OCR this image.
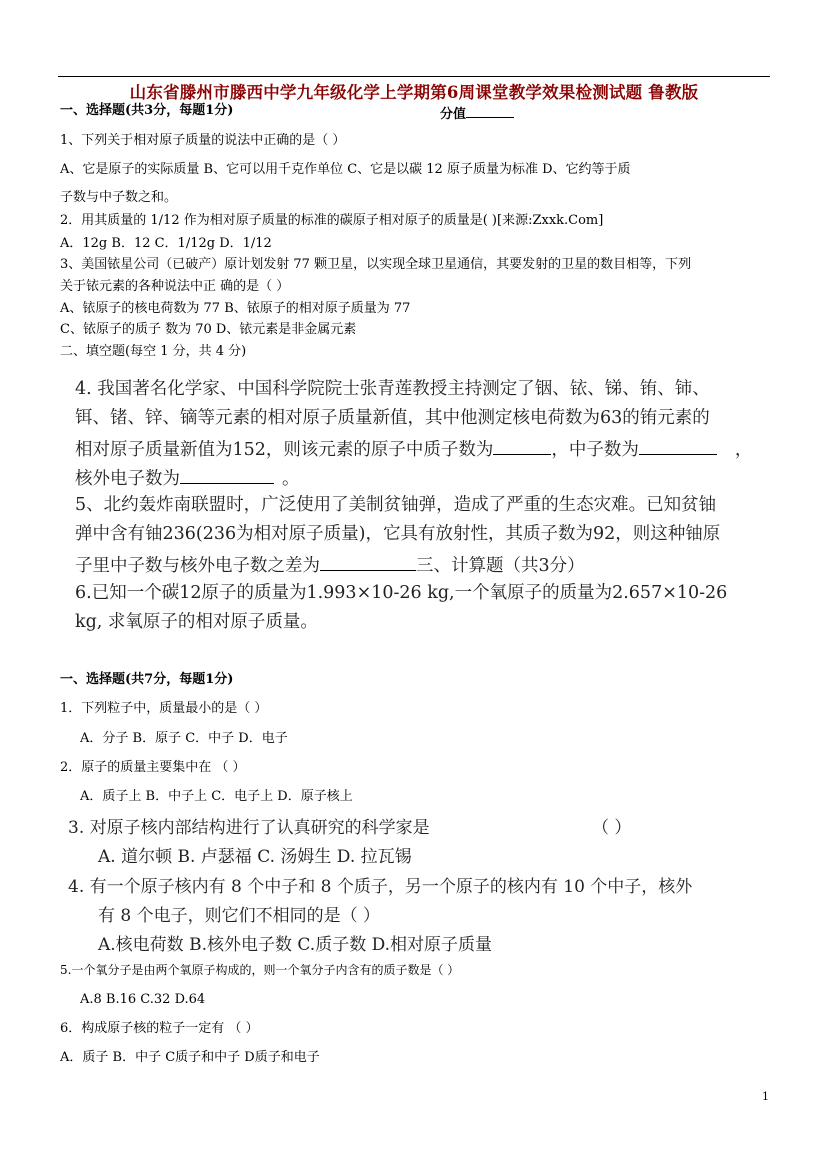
山东省滕州市滕西中学九年级化学上学期第6周课堂教学效果检测试题 鲁教版
一、选择题(共3分，每题1分)	分值
1、下列关于相对原子质量的说法中正确的是（ ）
A、它是原子的实际质量 B、它可以用千克作单位 C、它是以碳 12 原子质量为标准 D、它约等于质
子数与中子数之和。
2．用其质量的 1/12 作为相对原子质量的标准的碳原子相对原子的质量是( )[来源:Zxxk.Com]
A．12g B．12 C．1/12g D．1/12
3、美国铱星公司（已破产）原计划发射 77 颗卫星，以实现全球卫星通信，其要发射的卫星的数目相等，下列
关于铱元素的各种说法中正 确的是（ ）
A、铱原子的核电荷数为 77 B、铱原子的相对原子质量为 77
C、铱原子的质子 数为 70 D、铱元素是非金属元素
二、填空题(每空 1 分，共 4 分)
4. 我国著名化学家、中国科学院院士张青莲教授主持测定了铟、铱、锑、铕、铈、
铒、锗、锌、镝等元素的相对原子质量新值，其中他测定核电荷数为63的铕元素的
相对原子质量新值为152，则该元素的原子中质子数为	，中子数为	，
核外电子数为	。
5、北约轰炸南联盟时，广泛使用了美制贫铀弹，造成了严重的生态灾难。已知贫铀
弹中含有铀236(236为相对原子质量)，它具有放射性，其质子数为92，则这种铀原
子里中子数与核外电子数之差为	三、计算题（共3分）
6.已知一个碳12原子的质量为1.993×10-26 kg,一个氧原子的质量为2.657×10-26
kg, 求氧原子的相对原子质量。
一、选择题(共7分，每题1分)
1．下列粒子中，质量最小的是（ ）
A．分子 B．原子 C．中子 D．电子
2．原子的质量主要集中在 （ ）
A．质子上 B．中子上 C．电子上 D．原子核上
3. 对原子核内部结构进行了认真研究的科学家是	（ ）
A. 道尔顿 B. 卢瑟福 C. 汤姆生 D. 拉瓦锡
4. 有一个原子核内有 8 个中子和 8 个质子，另一个原子的核内有 10 个中子，核外
有 8 个电子，则它们不相同的是（ ）
A.核电荷数 B.核外电子数 C.质子数 D.相对原子质量
5.一个氧分子是由两个氧原子构成的，则一个氧分子内含有的质子数是（ ）
A.8 B.16 C.32 D.64
6．构成原子核的粒子一定有 （ ）
A．质子 B．中子 C质子和中子 D质子和电子
1
